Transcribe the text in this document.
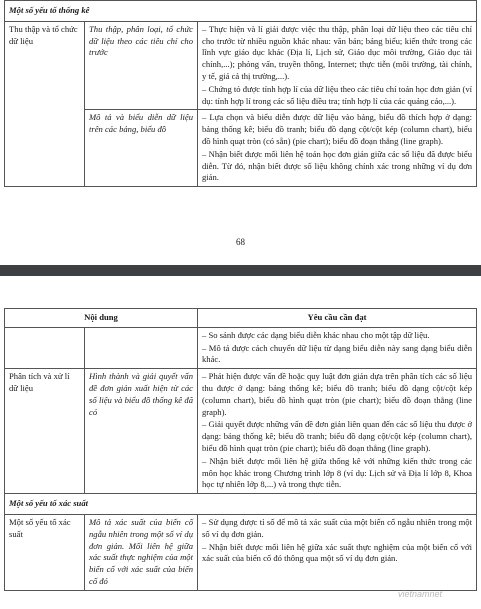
Một số yếu tố thống kê		
Thu thập và tổ chức dữ liệu	Thu thập, phân loại, tổ chức dữ liệu theo các tiêu chí cho trước	– Thực hiện và lí giải được việc thu thập, phân loại dữ liệu theo các tiêu chí cho trước từ nhiều nguồn khác nhau: văn bản; bảng biểu; kiến thức trong các lĩnh vực giáo dục khác (Địa lí, Lịch sử, Giáo dục môi trường, Giáo dục tài chính,...); phỏng vấn, truyền thông, Internet; thực tiễn (môi trường, tài chính, y tế, giá cả thị trường,...).

– Chứng tỏ được tính hợp lí của dữ liệu theo các tiêu chí toán học đơn giản (ví dụ: tính hợp lí trong các số liệu điều tra; tính hợp lí của các quảng cáo,...).

	Mô tả và biểu diễn dữ liệu trên các bảng, biểu đồ	– Lựa chọn và biểu diễn được dữ liệu vào bảng, biểu đồ thích hợp ở dạng: bảng thống kê; biểu đồ tranh; biểu đồ dạng cột/cột kép (column chart), biểu đồ hình quạt tròn (có sẵn) (pie chart); biểu đồ đoạn thẳng (line graph).

– Nhận biết được mối liên hệ toán học đơn giản giữa các số liệu đã được biểu diễn. Từ đó, nhận biết được số liệu không chính xác trong những ví dụ đơn giản.

68
Nội dung		Yêu cầu cần đạt

		– So sánh được các dạng biểu diễn khác nhau cho một tập dữ liệu.

– Mô tả được cách chuyển dữ liệu từ dạng biểu diễn này sang dạng biểu diễn khác.

Phân tích và xử lí dữ liệu	Hình thành và giải quyết vấn đề đơn giản xuất hiện từ các số liệu và biểu đồ thống kê đã có	– Phát hiện được vấn đề hoặc quy luật đơn giản dựa trên phân tích các số liệu thu được ở dạng: bảng thống kê; biểu đồ tranh; biểu đồ dạng cột/cột kép (column chart), biểu đồ hình quạt tròn (pie chart); biểu đồ đoạn thẳng (line graph).

– Giải quyết được những vấn đề đơn giản liên quan đến các số liệu thu được ở dạng: bảng thống kê; biểu đồ tranh; biểu đồ dạng cột/cột kép (column chart), biểu đồ hình quạt tròn (pie chart); biểu đồ đoạn thẳng (line graph).

– Nhận biết được mối liên hệ giữa thống kê với những kiến thức trong các môn học khác trong Chương trình lớp 8 (ví dụ: Lịch sử và Địa lí lớp 8, Khoa học tự nhiên lớp 8,...) và trong thực tiễn.

Một số yếu tố xác suất		
Một số yếu tố xác suất	Mô tả xác suất của biến cố ngẫu nhiên trong một số ví dụ đơn giản. Mối liên hệ giữa xác suất thực nghiệm của một biến cố với xác suất của biến cố đó	– Sử dụng được tỉ số để mô tả xác suất của một biến cố ngẫu nhiên trong một số ví dụ đơn giản.

– Nhận biết được mối liên hệ giữa xác suất thực nghiệm của một biến cố với xác suất của biến cố đó thông qua một số ví dụ đơn giản.

vietnamnet
